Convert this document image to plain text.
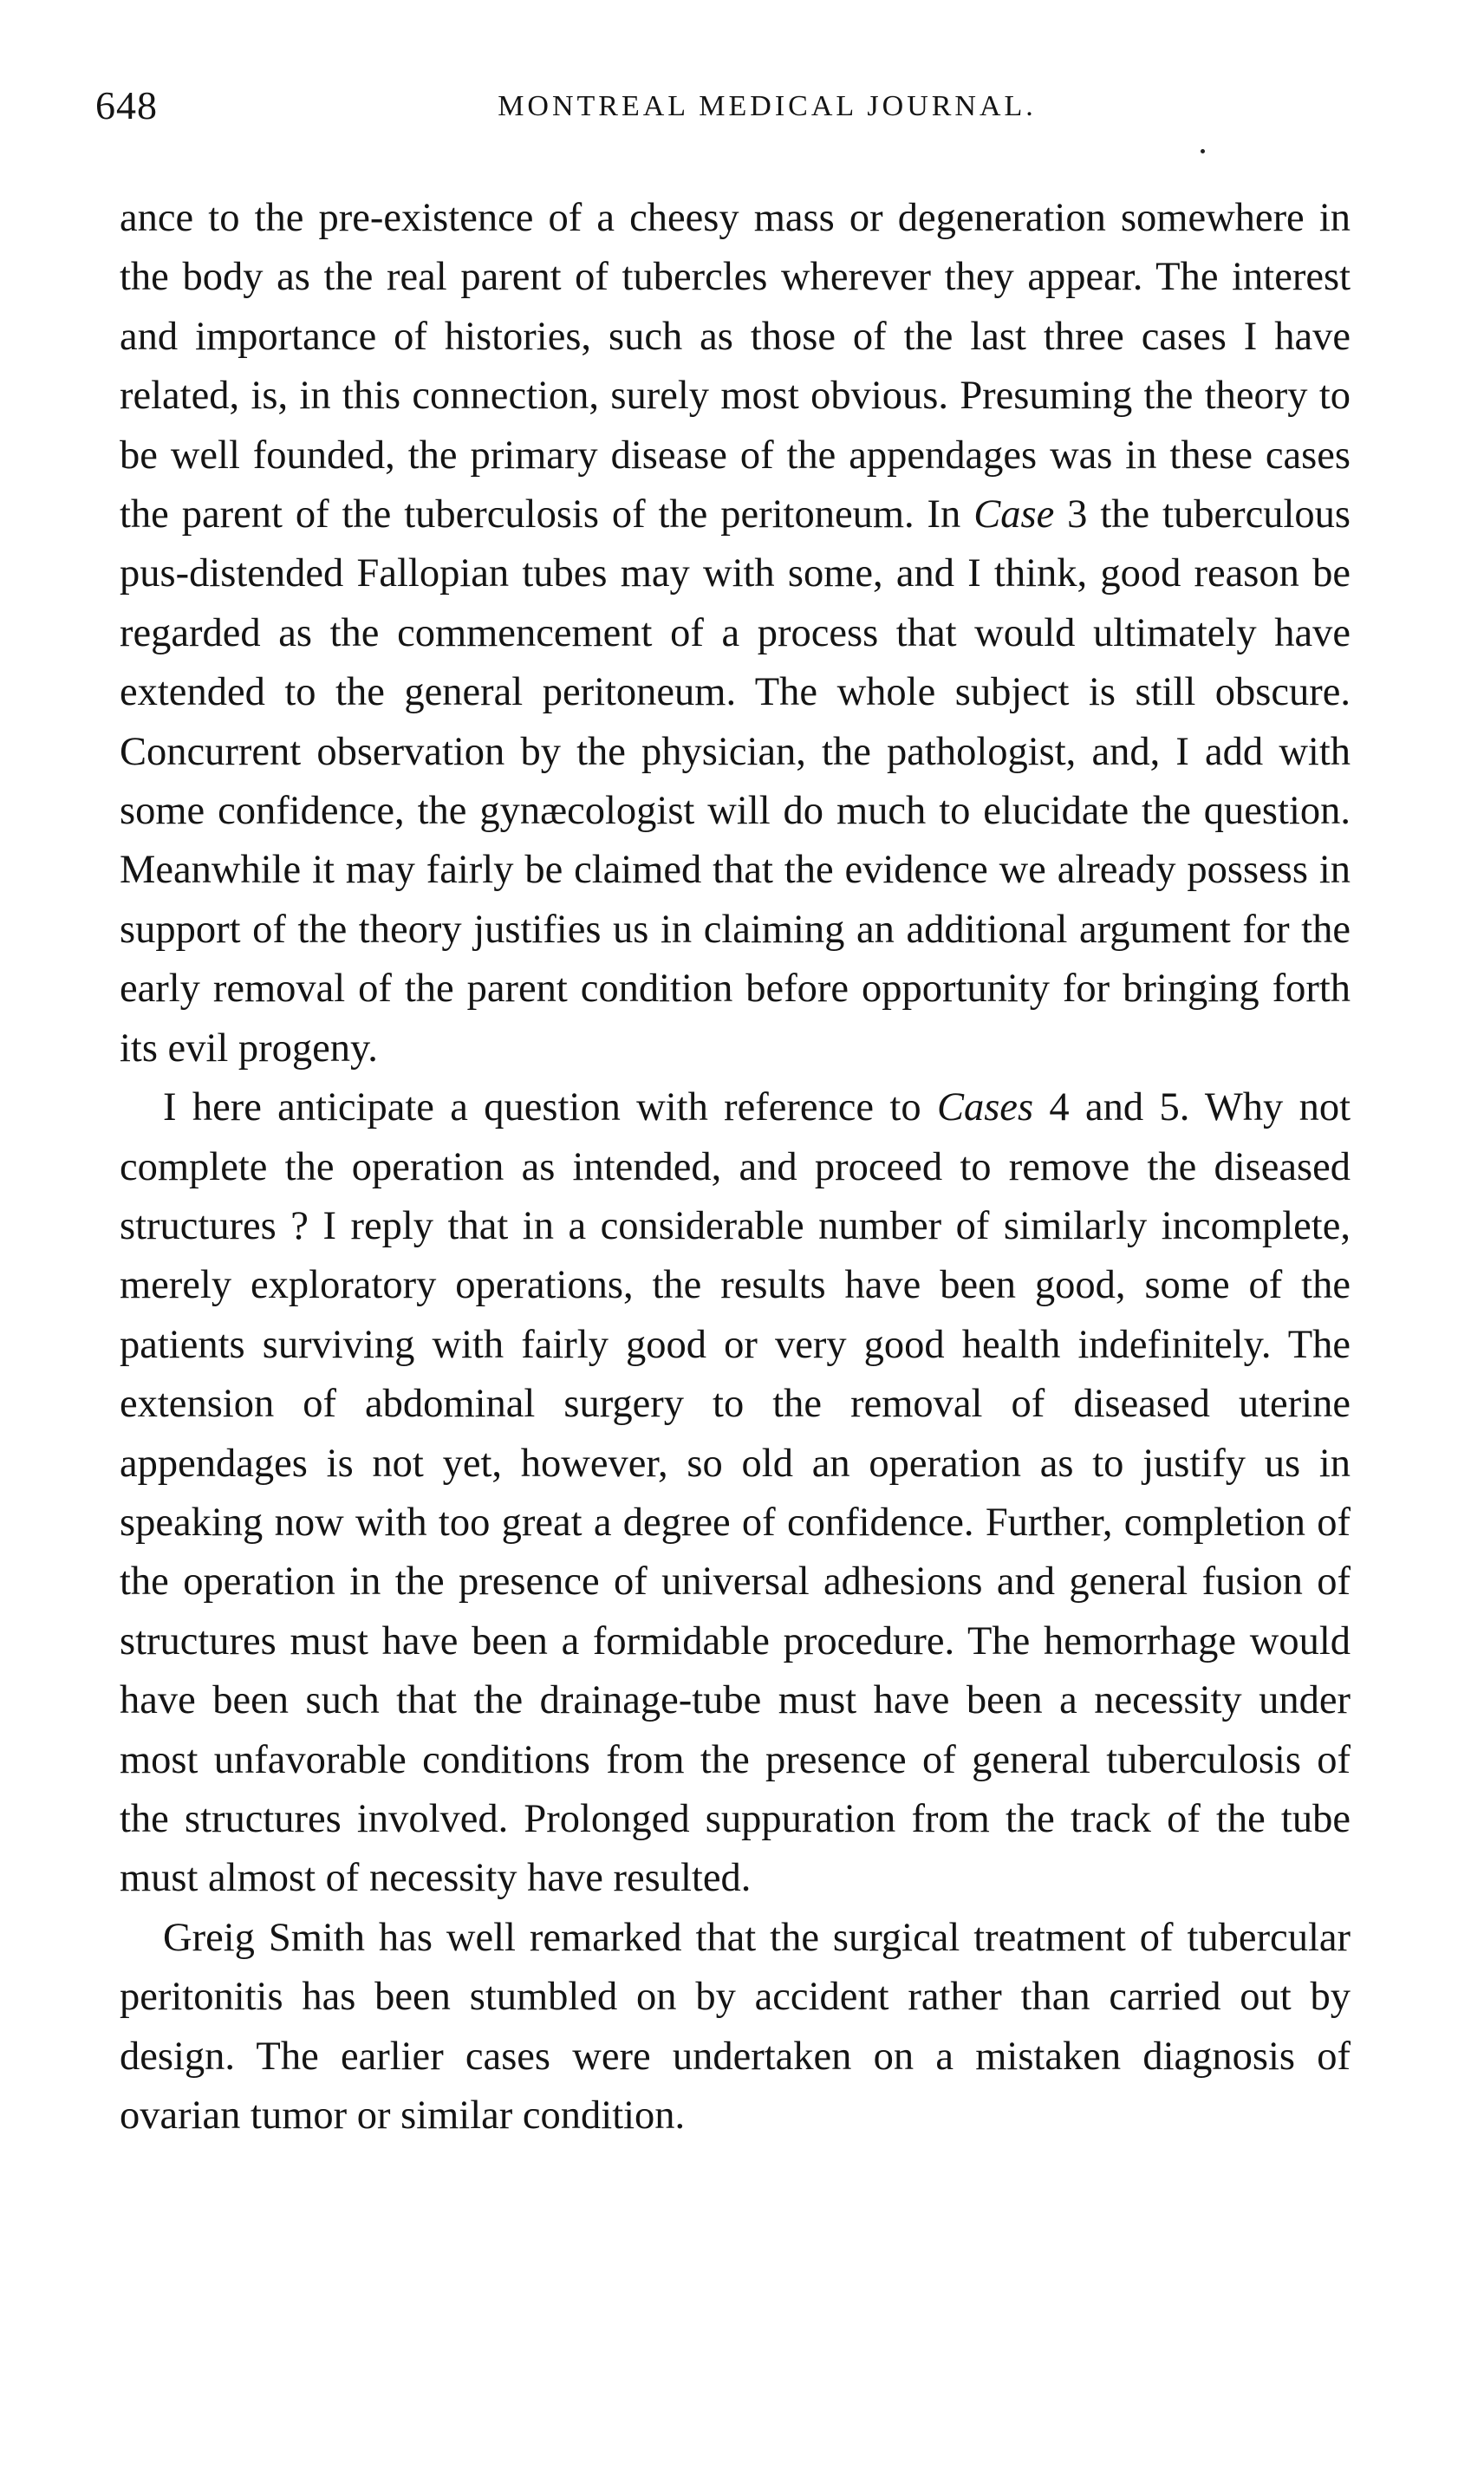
648	MONTREAL MEDICAL JOURNAL.

ance to the pre-existence of a cheesy mass or degeneration somewhere in the body as the real parent of tubercles wherever they appear. The interest and importance of histories, such as those of the last three cases I have related, is, in this connection, surely most obvious. Presuming the theory to be well founded, the primary disease of the appendages was in these cases the parent of the tuberculosis of the peritoneum. In Case 3 the tuberculous pus-distended Fallopian tubes may with some, and I think, good reason be regarded as the commencement of a process that would ultimately have extended to the general peritoneum. The whole subject is still obscure. Concurrent observation by the physician, the pathologist, and, I add with some confidence, the gynæcologist will do much to elucidate the question. Meanwhile it may fairly be claimed that the evidence we already possess in support of the theory justifies us in claiming an additional argument for the early removal of the parent condition before opportunity for bringing forth its evil progeny.

I here anticipate a question with reference to Cases 4 and 5. Why not complete the operation as intended, and proceed to remove the diseased structures ? I reply that in a considerable number of similarly incomplete, merely exploratory operations, the results have been good, some of the patients surviving with fairly good or very good health indefinitely. The extension of abdominal surgery to the removal of diseased uterine appendages is not yet, however, so old an operation as to justify us in speaking now with too great a degree of confidence. Further, completion of the operation in the presence of universal adhesions and general fusion of structures must have been a formidable procedure. The hemorrhage would have been such that the drainage-tube must have been a necessity under most unfavorable conditions from the presence of general tuberculosis of the structures involved. Prolonged suppuration from the track of the tube must almost of necessity have resulted.

Greig Smith has well remarked that the surgical treatment of tubercular peritonitis has been stumbled on by accident rather than carried out by design. The earlier cases were undertaken on a mistaken diagnosis of ovarian tumor or similar condition.
